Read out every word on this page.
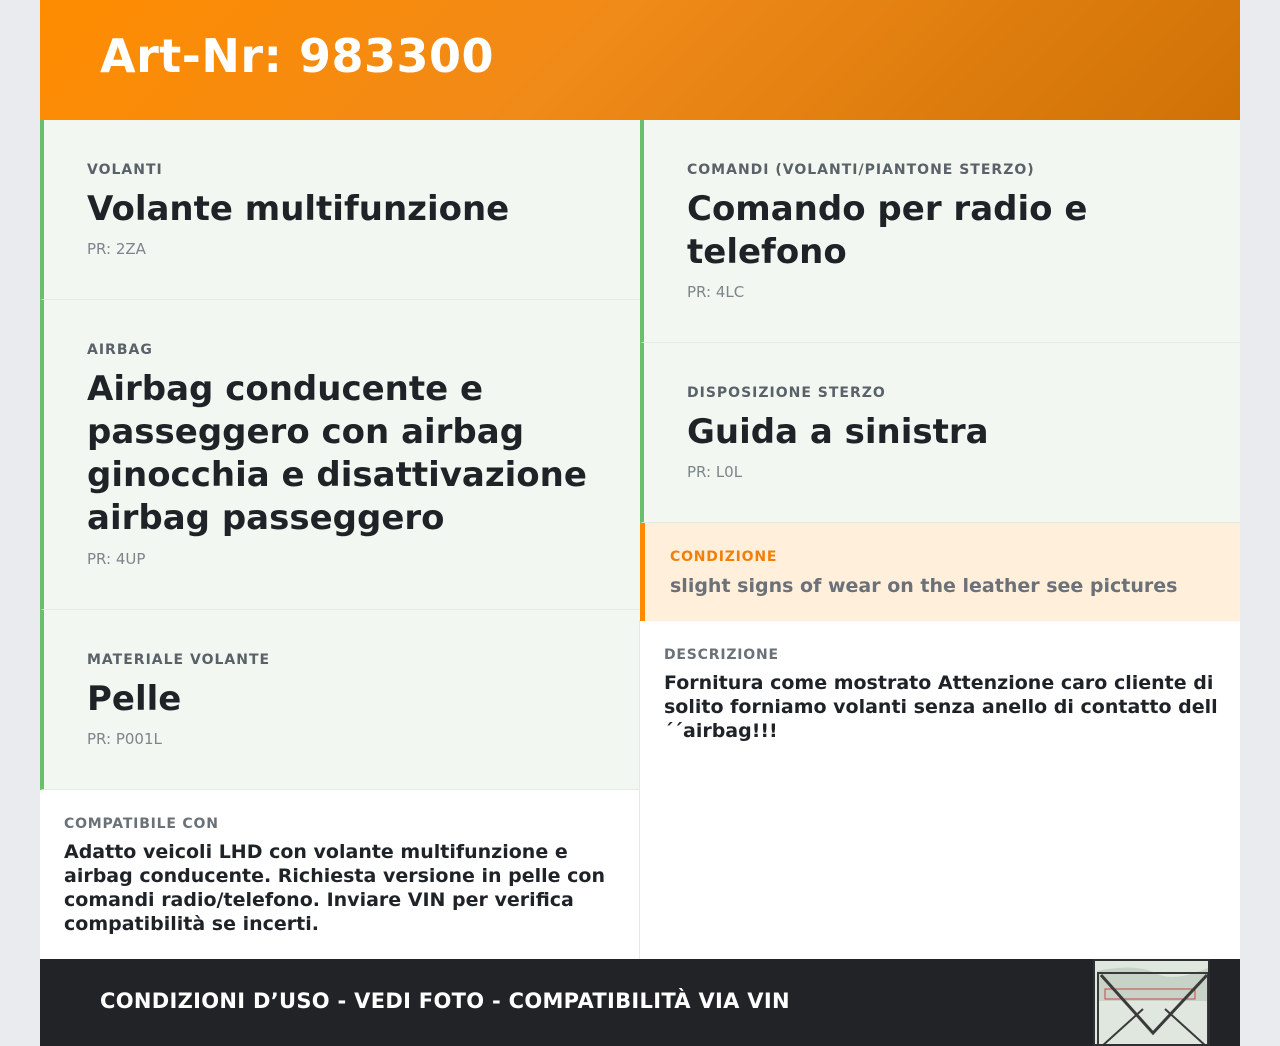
Art-Nr: 983300
VOLANTI
Volante multifunzione
PR: 2ZA
AIRBAG
Airbag conducente e passeggero con airbag ginocchia e disattivazione airbag passeggero
PR: 4UP
MATERIALE VOLANTE
Pelle
PR: P001L
COMPATIBILE CON
Adatto veicoli LHD con volante multifunzione e airbag conducente. Richiesta versione in pelle con comandi radio/telefono. Inviare VIN per verifica compatibilità se incerti.
COMANDI (VOLANTI/PIANTONE STERZO)
Comando per radio e telefono
PR: 4LC
DISPOSIZIONE STERZO
Guida a sinistra
PR: L0L
CONDIZIONE
slight signs of wear on the leather see pictures
DESCRIZIONE
Fornitura come mostrato Attenzione caro cliente di solito forniamo volanti senza anello di contatto dell´´airbag!!!
CONDIZIONI D’USO - VEDI FOTO - COMPATIBILITÀ VIA VIN
